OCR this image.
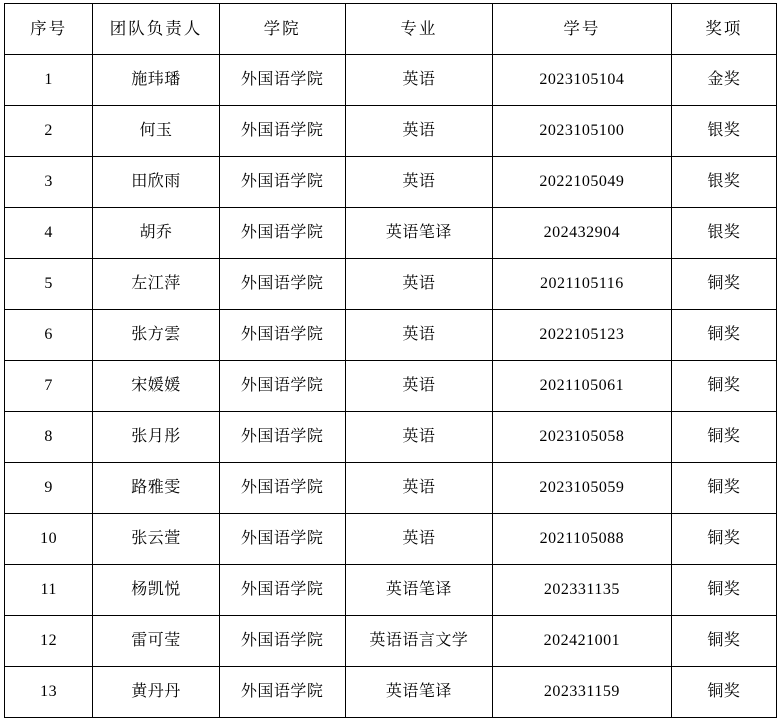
序号	团队负责人	学院	专业	学号	奖项
1	施玮璠	外国语学院	英语	2023105104	金奖
2	何玉	外国语学院	英语	2023105100	银奖
3	田欣雨	外国语学院	英语	2022105049	银奖
4	胡乔	外国语学院	英语笔译	202432904	银奖
5	左江萍	外国语学院	英语	2021105116	铜奖
6	张方雲	外国语学院	英语	2022105123	铜奖
7	宋媛媛	外国语学院	英语	2021105061	铜奖
8	张月彤	外国语学院	英语	2023105058	铜奖
9	路雅雯	外国语学院	英语	2023105059	铜奖
10	张云萱	外国语学院	英语	2021105088	铜奖
11	杨凯悦	外国语学院	英语笔译	202331135	铜奖
12	雷可莹	外国语学院	英语语言文学	202421001	铜奖
13	黄丹丹	外国语学院	英语笔译	202331159	铜奖
